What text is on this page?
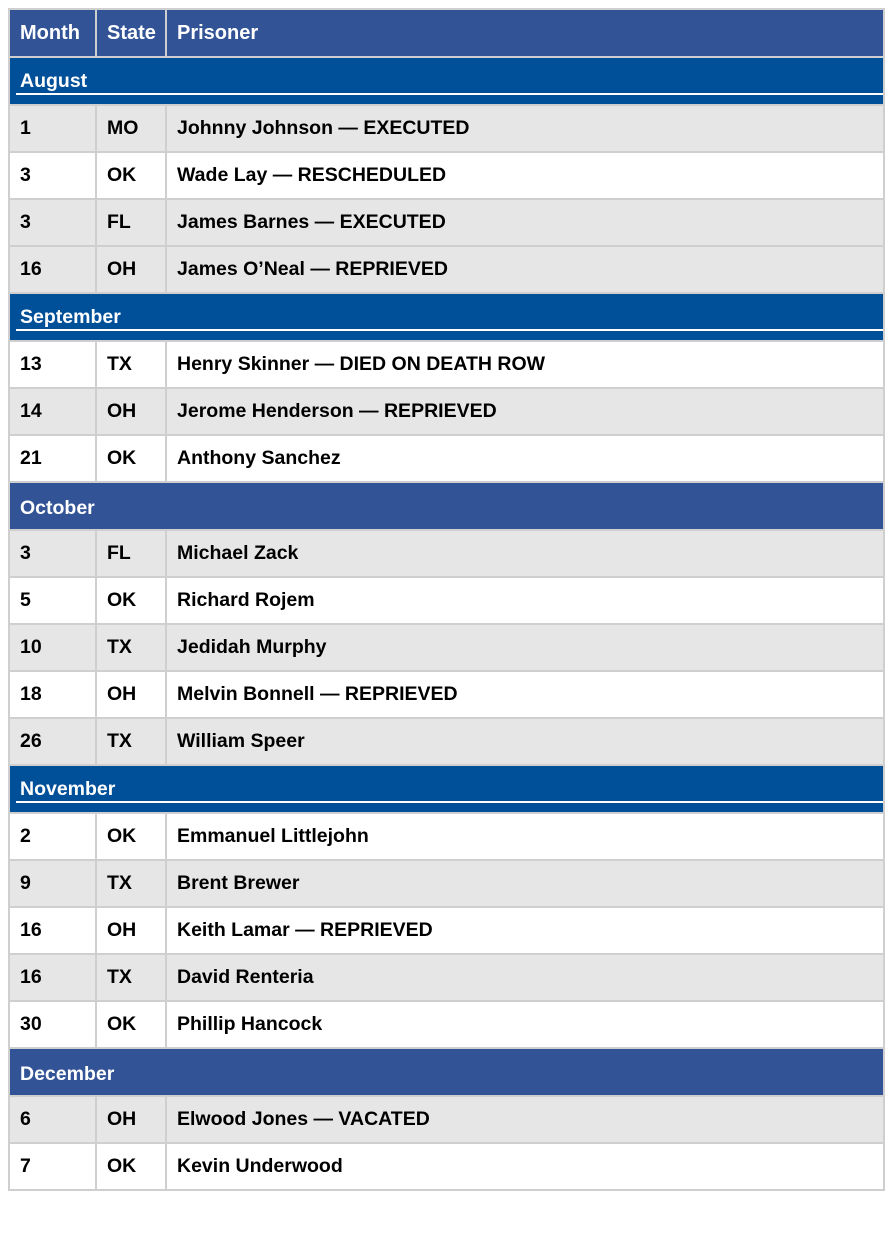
Month	State	Prisoner

August		

1	MO	Johnny Johnson — EXECUTED
3	OK	Wade Lay — RESCHEDULED
3	FL	James Barnes — EXECUTED
16	OH	James O’Neal — REPRIEVED

September		

13	TX	Henry Skinner — DIED ON DEATH ROW
14	OH	Jerome Henderson — REPRIEVED
21	OK	Anthony Sanchez

October		

3	FL	Michael Zack
5	OK	Richard Rojem
10	TX	Jedidah Murphy
18	OH	Melvin Bonnell — REPRIEVED
26	TX	William Speer

November		

2	OK	Emmanuel Littlejohn
9	TX	Brent Brewer
16	OH	Keith Lamar — REPRIEVED
16	TX	David Renteria
30	OK	Phillip Hancock

December		

6	OH	Elwood Jones — VACATED
7	OK	Kevin Underwood
